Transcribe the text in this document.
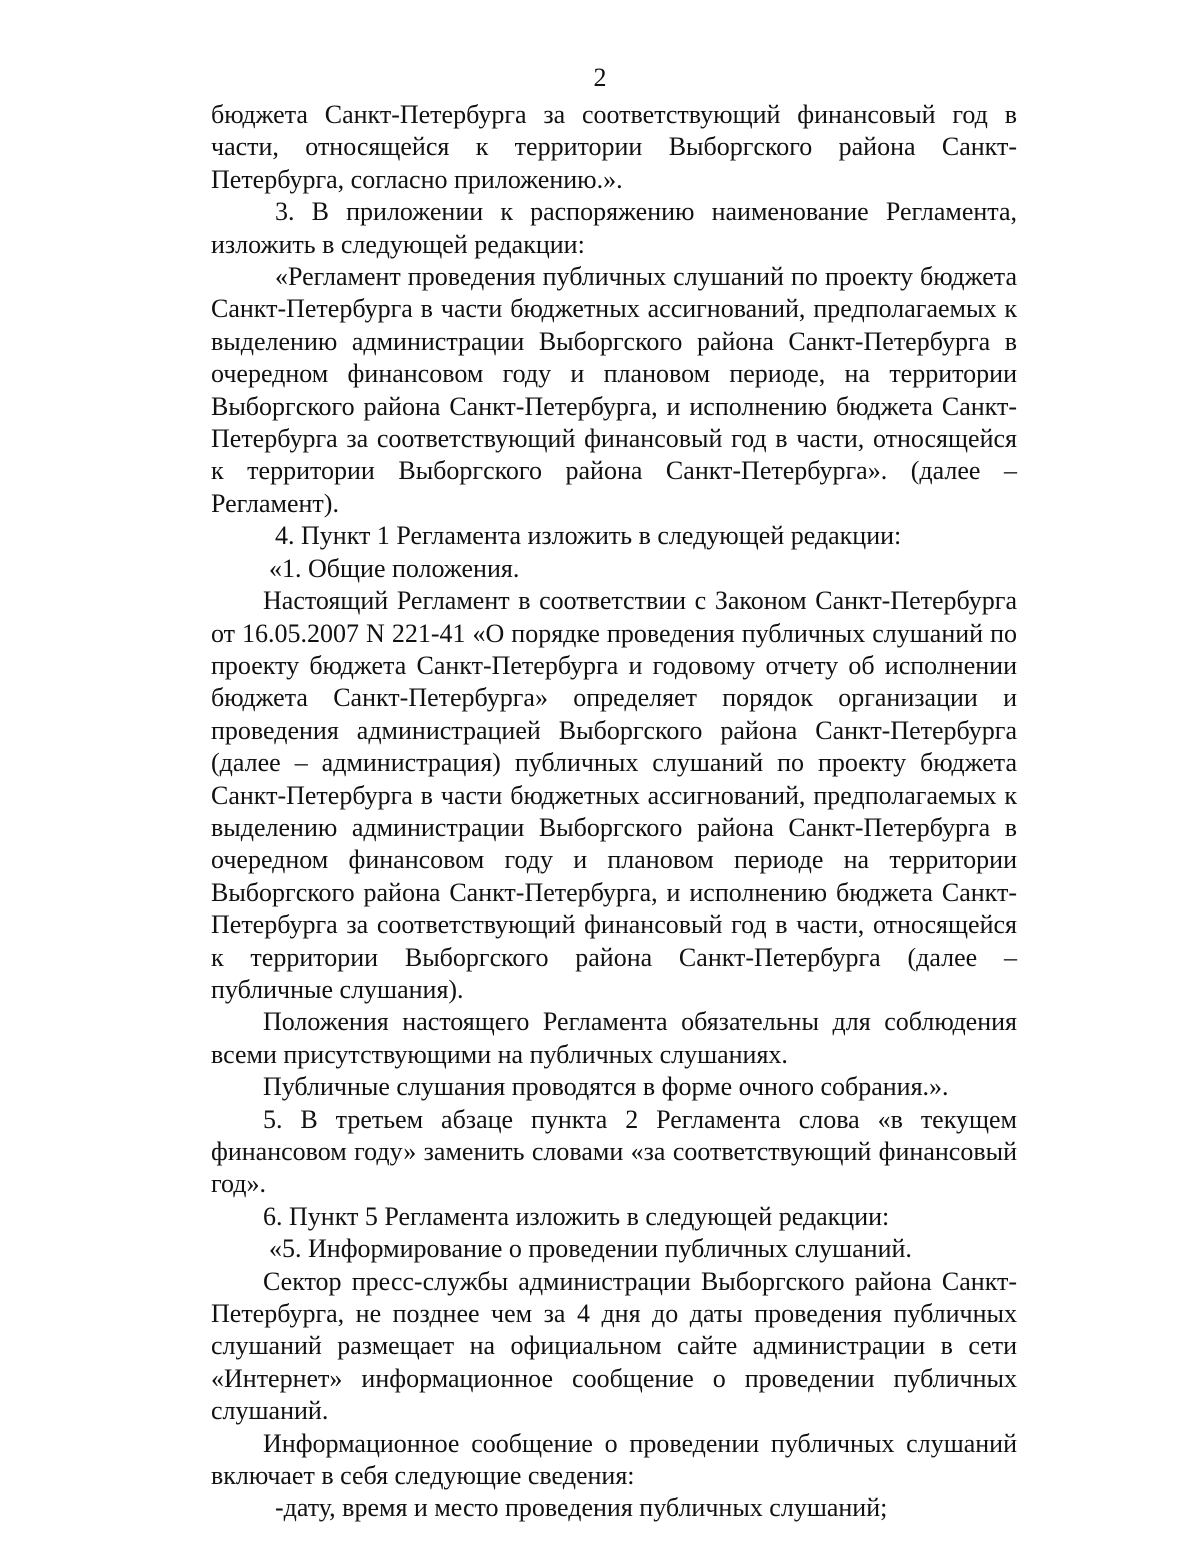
2

бюджета Санкт-Петербурга за соответствующий финансовый год в части, относящейся к территории Выборгского района Санкт-Петербурга, согласно приложению.».

3. В приложении к распоряжению наименование Регламента, изложить в следующей редакции:

«Регламент проведения публичных слушаний по проекту бюджета Санкт-Петербурга в части бюджетных ассигнований, предполагаемых к выделению администрации Выборгского района Санкт-Петербурга в очередном финансовом году и плановом периоде, на территории Выборгского района Санкт-Петербурга, и исполнению бюджета Санкт-Петербурга за соответствующий финансовый год в части, относящейся к территории Выборгского района Санкт-Петербурга». (далее – Регламент).

4. Пункт 1 Регламента изложить в следующей редакции:

«1. Общие положения.

Настоящий Регламент в соответствии с Законом Санкт-Петербурга от 16.05.2007 N 221-41 «О порядке проведения публичных слушаний по проекту бюджета Санкт-Петербурга и годовому отчету об исполнении бюджета Санкт-Петербурга» определяет порядок организации и проведения администрацией Выборгского района Санкт-Петербурга (далее – администрация) публичных слушаний по проекту бюджета Санкт-Петербурга в части бюджетных ассигнований, предполагаемых к выделению администрации Выборгского района Санкт-Петербурга в очередном финансовом году и плановом периоде на территории Выборгского района Санкт-Петербурга, и исполнению бюджета Санкт-Петербурга за соответствующий финансовый год в части, относящейся к территории Выборгского района Санкт-Петербурга (далее – публичные слушания).

Положения настоящего Регламента обязательны для соблюдения всеми присутствующими на публичных слушаниях.

Публичные слушания проводятся в форме очного собрания.».

5. В третьем абзаце пункта 2 Регламента слова «в текущем финансовом году» заменить словами «за соответствующий финансовый год».

6. Пункт 5 Регламента изложить в следующей редакции:

«5. Информирование о проведении публичных слушаний.

Сектор пресс-службы администрации Выборгского района Санкт-Петербурга, не позднее чем за 4 дня до даты проведения публичных слушаний размещает на официальном сайте администрации в сети «Интернет» информационное сообщение о проведении публичных слушаний.

Информационное сообщение о проведении публичных слушаний включает в себя следующие сведения:

-дату, время и место проведения публичных слушаний;
